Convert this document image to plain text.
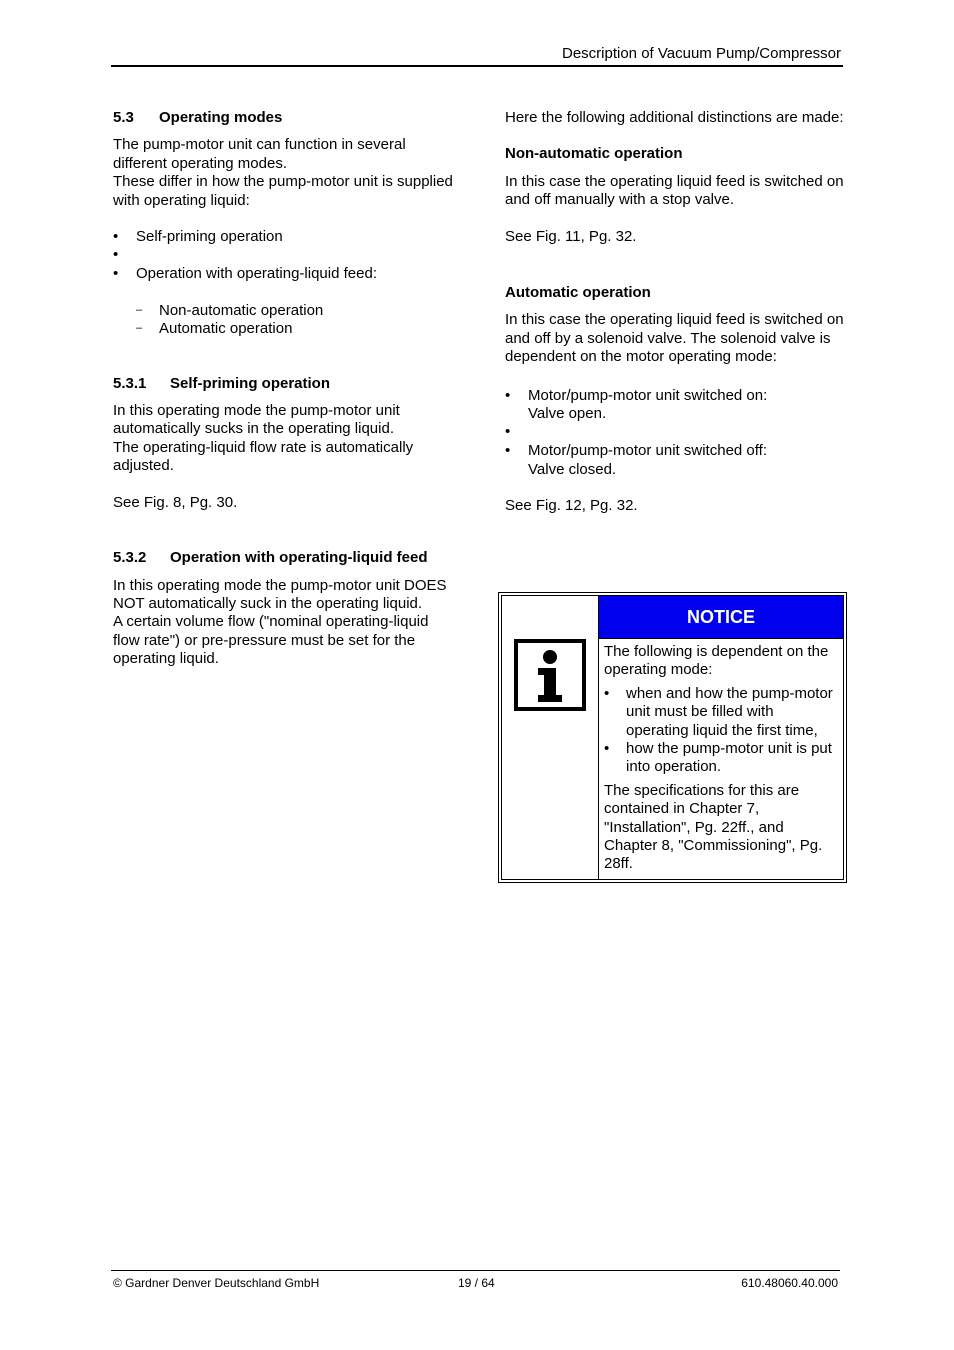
Description of Vacuum Pump/Compressor
5.3	Operating modes

The pump-motor unit can function in several different operating modes.

These differ in how the pump-motor unit is supplied with operating liquid:

• Self-priming operation
•
• Operation with operating-liquid feed:
– Non-automatic operation
– Automatic operation
5.3.1	Self-priming operation

In this operating mode the pump-motor unit automatically sucks in the operating liquid.

The operating-liquid flow rate is automatically adjusted.

See Fig. 8, Pg. 30.

5.3.2	Operation with operating-liquid feed

In this operating mode the pump-motor unit DOES NOT automatically suck in the operating liquid.

A certain volume flow ("nominal operating-liquid flow rate") or pre-pressure must be set for the operating liquid.

Here the following additional distinctions are made:

Non-automatic operation

In this case the operating liquid feed is switched on and off manually with a stop valve.

See Fig. 11, Pg. 32.

Automatic operation

In this case the operating liquid feed is switched on and off by a solenoid valve. The solenoid valve is dependent on the motor operating mode:

• Motor/pump-motor unit switched on:
Valve open.
•
• Motor/pump-motor unit switched off:
Valve closed.

See Fig. 12, Pg. 32.

NOTICE

The following is dependent on the operating mode:

• when and how the pump-motor unit must be filled with operating liquid the first time,
• how the pump-motor unit is put into operation.

The specifications for this are contained in Chapter 7, "Installation", Pg. 22ff., and Chapter 8, "Commissioning", Pg. 28ff.

© Gardner Denver Deutschland GmbH	19 / 64	610.48060.40.000
